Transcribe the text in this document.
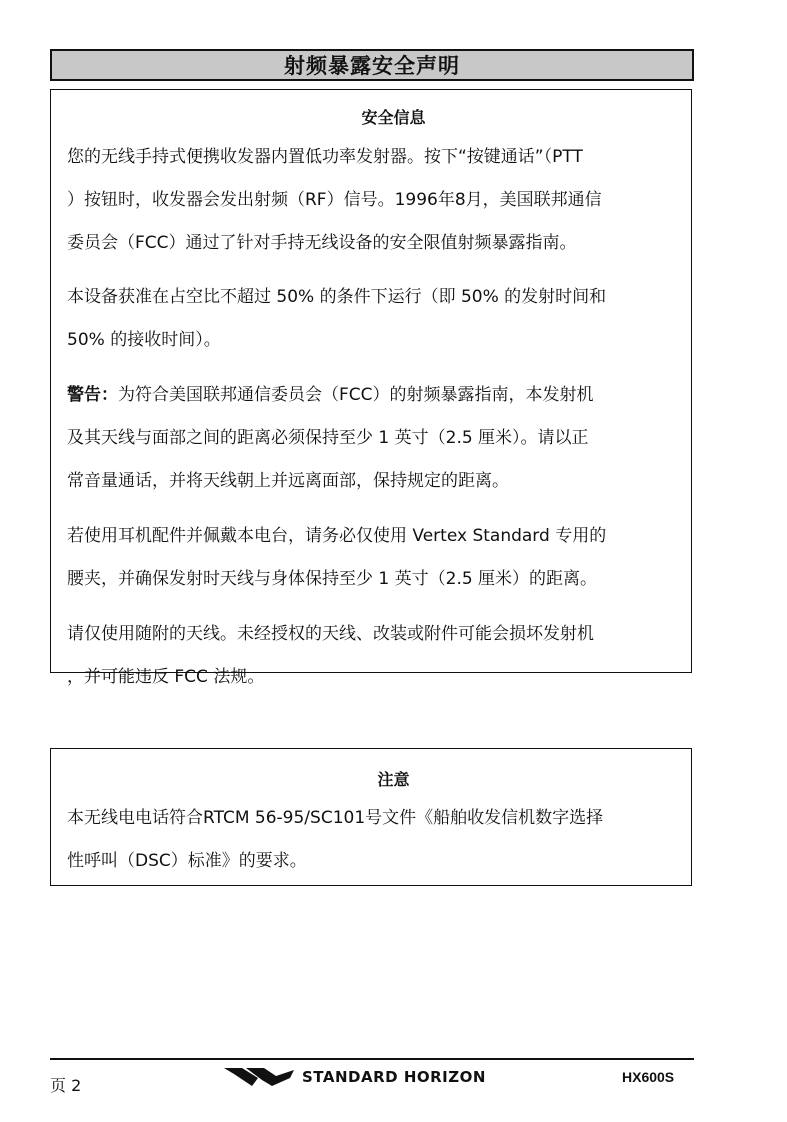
射频暴露安全声明
安全信息
您的无线手持式便携收发器内置低功率发射器。按下“按键通话”（PTT
）按钮时，收发器会发出射频（RF）信号。1996年8月，美国联邦通信
委员会（FCC）通过了针对手持无线设备的安全限值射频暴露指南。
本设备获准在占空比不超过 50% 的条件下运行（即 50% 的发射时间和
50% 的接收时间）。
警告：为符合美国联邦通信委员会（FCC）的射频暴露指南，本发射机
及其天线与面部之间的距离必须保持至少 1 英寸（2.5 厘米）。请以正
常音量通话，并将天线朝上并远离面部，保持规定的距离。
若使用耳机配件并佩戴本电台，请务必仅使用 Vertex Standard 专用的
腰夹，并确保发射时天线与身体保持至少 1 英寸（2.5 厘米）的距离。
请仅使用随附的天线。未经授权的天线、改装或附件可能会损坏发射机
，并可能违反 FCC 法规。
注意
本无线电电话符合RTCM 56-95/SC101号文件《船舶收发信机数字选择
性呼叫（DSC）标准》的要求。
页 2	STANDARD HORIZON	HX600S
